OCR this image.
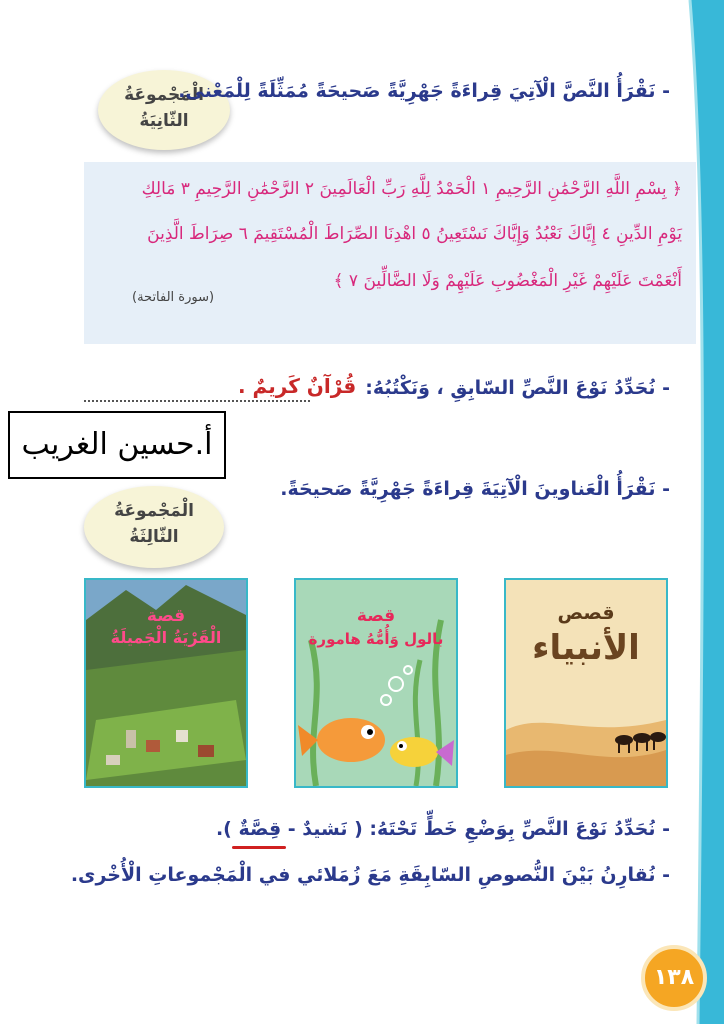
الْمَجْموعَةُ
الثّانِيَةُ
- نَقْرَأُ النَّصَّ الْآتِيَ قِراءَةً جَهْرِيَّةً صَحيحَةً مُمَثِّلَةً لِلْمَعْنى.
﴿ بِسْمِ اللَّهِ الرَّحْمَٰنِ الرَّحِيمِ ١ الْحَمْدُ لِلَّهِ رَبِّ الْعَالَمِينَ ٢ الرَّحْمَٰنِ الرَّحِيمِ ٣ مَالِكِ
يَوْمِ الدِّينِ ٤ إِيَّاكَ نَعْبُدُ وَإِيَّاكَ نَسْتَعِينُ ٥ اهْدِنَا الصِّرَاطَ الْمُسْتَقِيمَ ٦ صِرَاطَ الَّذِينَ
أَنْعَمْتَ عَلَيْهِمْ غَيْرِ الْمَغْضُوبِ عَلَيْهِمْ وَلَا الضَّالِّينَ ٧ ﴾
(سورة الفاتحة)
- نُحَدِّدُ نَوْعَ النَّصِّ السّابِقِ ، وَنَكْتُبُهُ:
قُرْآنٌ كَريمٌ .
أ.حسين الغريب
- نَقْرَأُ الْعَناوينَ الْآتِيَةَ قِراءَةً جَهْرِيَّةً صَحيحَةً.
الْمَجْموعَةُ
الثّالِثَةُ
قصة
الْقَرْيَةُ الْجَميلَةُ
قصة
بالول وَأُمُّهُ هامورة
قصص
الأنبياء
- نُحَدِّدُ نَوْعَ النَّصِّ بِوَضْعِ خَطٍّ تَحْتَهُ: ( نَشيدٌ - قِصَّةٌ ).
- نُقارِنُ بَيْنَ النُّصوصِ السّابِقَةِ مَعَ زُمَلائي في الْمَجْموعاتِ الْأُخْرى.
١٣٨
